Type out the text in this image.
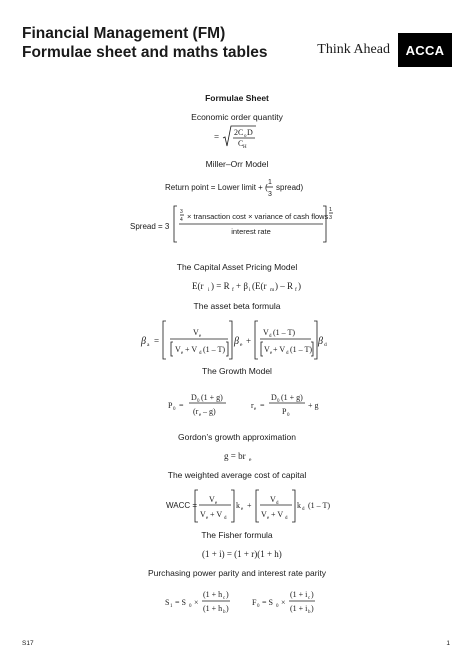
Financial Management (FM)
Formulae sheet and maths tables	Think Ahead ACCA
Formulae Sheet
Economic order quantity
= 2C o D
C H
Miller–Orr Model
Return point = Lower limit + (
1
3
spread)
Spread = 3
3
4 × transaction cost × variance of cash flows
interest rate
1
3
The Capital Asset Pricing Model
E(r i ) = R f + β i (E(r m ) – R f )
The asset beta formula
β a =
V e
V e + V d (1 – T)
β e +
V d (1 – T)
V e + V d (1 – T)
β d
The Growth Model
P 0 =
D 0 (1 + g)
(r e – g)
r e =
D 0 (1 + g)
P 0
+ g
Gordon’s growth approximation
g = br e
The weighted average cost of capital
WACC =
V e
V e + V d
k e +
V d
V e + V d
k d (1 – T)
The Fisher formula
(1 + i) = (1 + r)(1 + h)
Purchasing power parity and interest rate parity
S 1 = S 0 ×
(1 + h c )
(1 + h b )
F 0 = S 0 ×
(1 + i c )
(1 + i b )
S17	1
